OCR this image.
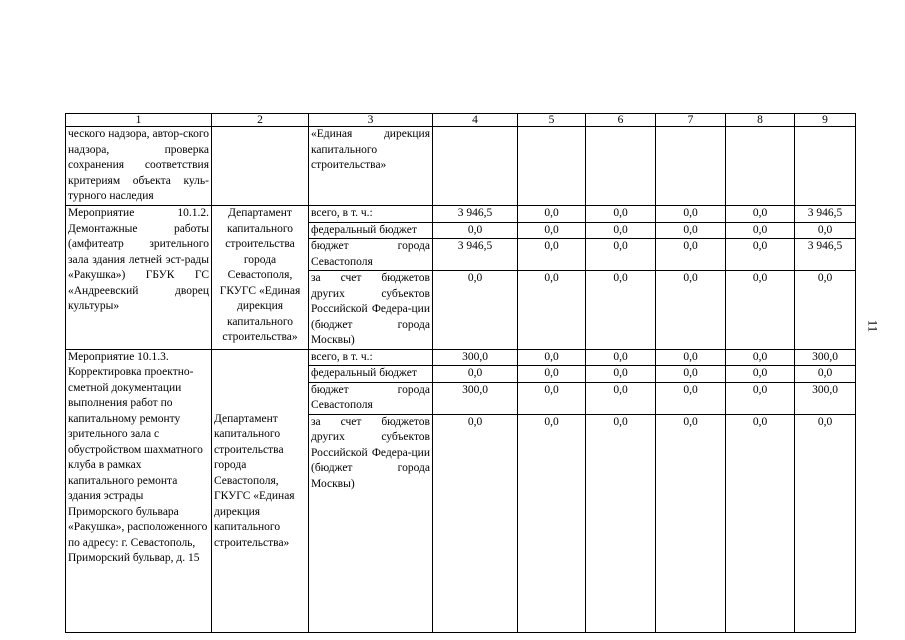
1	2	3	4	5	6	7	8	9
ческого надзора, автор-ского надзора, проверка сохранения соответствия критериям объекта куль-турного наследия		«Единая дирекция капитального строительства»						
Мероприятие 10.1.2. Демонтажные работы (амфитеатр зрительного зала здания летней эст-рады «Ракушка») ГБУК ГС «Андреевский дворец культуры»	Департамент капитального строительства города Севастополя, ГКУГС «Единая дирекция капитального строительства»	всего, в т. ч.:	3 946,5	0,0	0,0	0,0	0,0	3 946,5
		федеральный бюджет	0,0	0,0	0,0	0,0	0,0	0,0
		бюджет города Севастополя	3 946,5	0,0	0,0	0,0	0,0	3 946,5
		за счет бюджетов других субъектов Российской Федера-ции (бюджет города Москвы)	0,0	0,0	0,0	0,0	0,0	0,0
Мероприятие 10.1.3. Корректировка проектно-сметной документации выполнения работ по капитальному ремонту зрительного зала с обустройством шахматного клуба в рамках капитального ремонта здания эстрады Приморского бульвара «Ракушка», расположенного по адресу: г. Севастополь, Приморский бульвар, д. 15	Департамент капитального строительства города Севастополя, ГКУГС «Единая дирекция капитального строительства»	всего, в т. ч.:	300,0	0,0	0,0	0,0	0,0	300,0
		федеральный бюджет	0,0	0,0	0,0	0,0	0,0	0,0
		бюджет города Севастополя	300,0	0,0	0,0	0,0	0,0	300,0
		за счет бюджетов других субъектов Российской Федера-ции (бюджет города Москвы)	0,0	0,0	0,0	0,0	0,0	0,0
11
